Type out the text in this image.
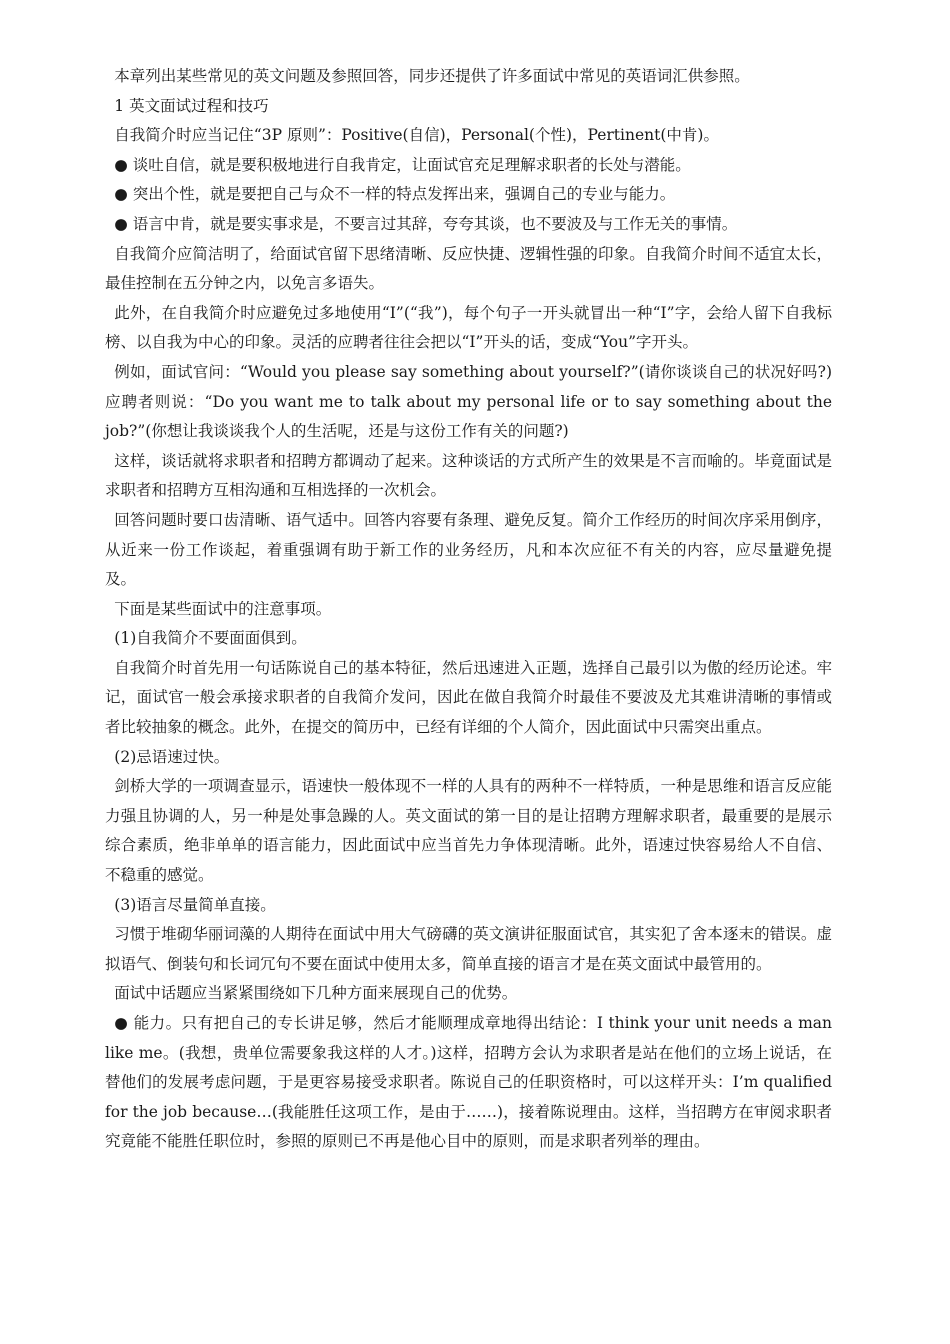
本章列出某些常见的英文问题及参照回答，同步还提供了许多面试中常见的英语词汇供参照。

1 英文面试过程和技巧

自我简介时应当记住“3P 原则”：Positive(自信)，Personal(个性)，Pertinent(中肯)。

● 谈吐自信，就是要积极地进行自我肯定，让面试官充足理解求职者的长处与潜能。

● 突出个性，就是要把自己与众不一样的特点发挥出来，强调自己的专业与能力。

● 语言中肯，就是要实事求是，不要言过其辞，夸夸其谈，也不要波及与工作无关的事情。

自我简介应简洁明了，给面试官留下思绪清晰、反应快捷、逻辑性强的印象。自我简介时间不适宜太长，最佳控制在五分钟之内，以免言多语失。

此外，在自我简介时应避免过多地使用“I”(“我”)，每个句子一开头就冒出一种“I”字，会给人留下自我标榜、以自我为中心的印象。灵活的应聘者往往会把以“I”开头的话，变成“You”字开头。

例如，面试官问：“Would you please say something about yourself?”(请你谈谈自己的状况好吗?)应聘者则说：“Do you want me to talk about my personal life or to say something about the job?”(你想让我谈谈我个人的生活呢，还是与这份工作有关的问题?)

这样，谈话就将求职者和招聘方都调动了起来。这种谈话的方式所产生的效果是不言而喻的。毕竟面试是求职者和招聘方互相沟通和互相选择的一次机会。

回答问题时要口齿清晰、语气适中。回答内容要有条理、避免反复。简介工作经历的时间次序采用倒序，从近来一份工作谈起，着重强调有助于新工作的业务经历，凡和本次应征不有关的内容，应尽量避免提及。

下面是某些面试中的注意事项。

(1)自我简介不要面面俱到。

自我简介时首先用一句话陈说自己的基本特征，然后迅速进入正题，选择自己最引以为傲的经历论述。牢记，面试官一般会承接求职者的自我简介发问，因此在做自我简介时最佳不要波及尤其难讲清晰的事情或者比较抽象的概念。此外，在提交的简历中，已经有详细的个人简介，因此面试中只需突出重点。

(2)忌语速过快。

剑桥大学的一项调查显示，语速快一般体现不一样的人具有的两种不一样特质，一种是思维和语言反应能力强且协调的人，另一种是处事急躁的人。英文面试的第一目的是让招聘方理解求职者，最重要的是展示综合素质，绝非单单的语言能力，因此面试中应当首先力争体现清晰。此外，语速过快容易给人不自信、不稳重的感觉。

(3)语言尽量简单直接。

习惯于堆砌华丽词藻的人期待在面试中用大气磅礴的英文演讲征服面试官，其实犯了舍本逐末的错误。虚拟语气、倒装句和长词冗句不要在面试中使用太多，简单直接的语言才是在英文面试中最管用的。

面试中话题应当紧紧围绕如下几种方面来展现自己的优势。

● 能力。只有把自己的专长讲足够，然后才能顺理成章地得出结论：I think your unit needs a man like me。(我想，贵单位需要象我这样的人才。)这样，招聘方会认为求职者是站在他们的立场上说话，在替他们的发展考虑问题，于是更容易接受求职者。陈说自己的任职资格时，可以这样开头：I’m qualified for the job because…(我能胜任这项工作，是由于……)，接着陈说理由。这样，当招聘方在审阅求职者究竟能不能胜任职位时，参照的原则已不再是他心目中的原则，而是求职者列举的理由。
